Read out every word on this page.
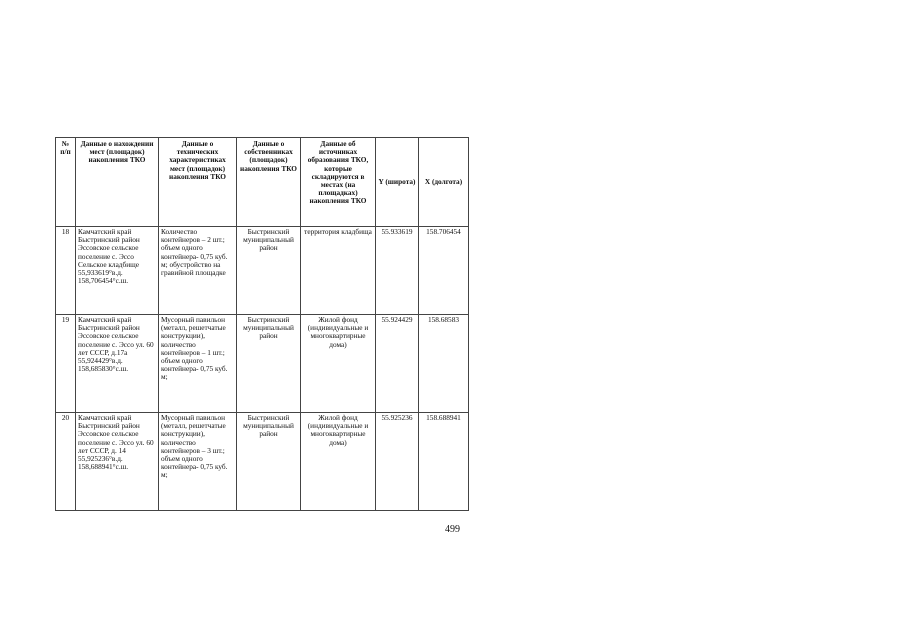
№ п/п	Данные о нахождении мест (площадок) накопления ТКО	Данные о технических характеристиках мест (площадок) накопления ТКО	Данные о собственниках (площадок) накопления ТКО	Данные об источниках образования ТКО, которые складируются в местах (на площадках) накопления ТКО	Y (широта)	X (долгота)
18	Камчатский край Быстринский район Эссовское сельское поселение с. Эссо Сельское кладбище 55,933619°в.д. 158,706454°с.ш.	Количество контейнеров – 2 шт.; объем одного контейнера- 0,75 куб. м; обустройство на гравийной площадке	Быстринский муниципальный район	территория кладбища	55.933619	158.706454
19	Камчатский край Быстринский район Эссовское сельское поселение с. Эссо ул. 60 лет СССР, д.17а 55,924429°в.д. 158,685830°с.ш.	Мусорный павильон (металл, решетчатые конструкции), количество контейнеров – 1 шт.; объем одного контейнера- 0,75 куб. м;	Быстринский муниципальный район	Жилой фонд (индивидуальные и многоквартирные дома)	55.924429	158.68583
20	Камчатский край Быстринский район Эссовское сельское поселение с. Эссо ул. 60 лет СССР, д. 14 55,925236°в.д. 158,688941°с.ш.	Мусорный павильон (металл, решетчатые конструкции), количество контейнеров – 3 шт.; объем одного контейнера- 0,75 куб. м;	Быстринский муниципальный район	Жилой фонд (индивидуальные и многоквартирные дома)	55.925236	158.688941
499
